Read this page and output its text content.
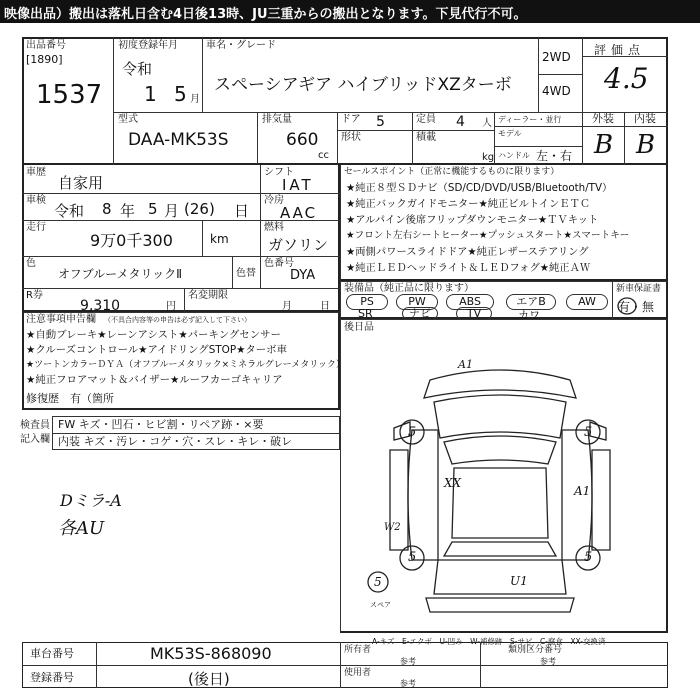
映像出品）搬出は落札日含む4日後13時、JU三重からの搬出となります。下見代行不可。
出品番号
[1890]
1537
初度登録年月
令和
1 5 月
車名・グレード
スペーシアギア ハイブリッドXZターボ
2WD
4WD
評価点
4.5
外装 内装
B B
型式
DAA-MK53S
排気量
660
cc
ドア 5
形状
定員 4 人
積載
kg
ディーラー・並行
モデル
ハンドル 左・右
車歴
自家用
シフト
IAT
車検
令和 8 年 5 月 (26) 日
冷房
AAC
走行
9万0千300	km
燃料
ガソリン
色
オフブルーメタリックⅡ	色替
色番号
DYA
R券
9,310	円
名変期限
月	日
セールスポイント（正常に機能するものに限ります）
★純正８型ＳＤナビ（SD/CD/DVD/USB/Bluetooth/TV）
★純正バックガイドモニター★純正ビルトインＥＴＣ
★アルパイン後席フリップダウンモニター★ＴＶキット
★フロント左右シートヒーター★プッシュスタート★スマートキー
★両側パワースライドドア★純正レザーステアリング
★純正ＬＥＤヘッドライト＆ＬＥＤフォグ★純正ＡＷ
装備品（純正品に限ります）
PS	PW	ABS	エアB	AW
SR	ナビ	TV	カワ
新車保証書
有・無
注意事項申告欄 （不具合内容等の申告は必ず記入して下さい）
★自動ブレーキ★レーンアシスト★パーキングセンサー
★クルーズコントロール★アイドリングSTOP★ターボ車
★ツートンカラーＤＹＡ（オフブルーメタリック×ミネラルグレーメタリック）
★純正フロアマット＆バイザー★ルーフカーゴキャリア
修復歴 有（箇所
検査員
記入欄
FW キズ・凹石・ヒビ割・リペア跡・×要
内装 キズ・汚レ・コゲ・穴・スレ・キレ・破レ
Dミラ-A
各AU
後日品
A1
XX
A1
U1
W2
5	5
5	5
5
スペア
A-キズ　E-エクボ　U-凹み　W-補修跡　S-サビ　C-腐食　XX-交換済
車台番号	MK53S-868090
登録番号	(後日)
所有者
参考
使用者
参考
類別区分番号
参考
